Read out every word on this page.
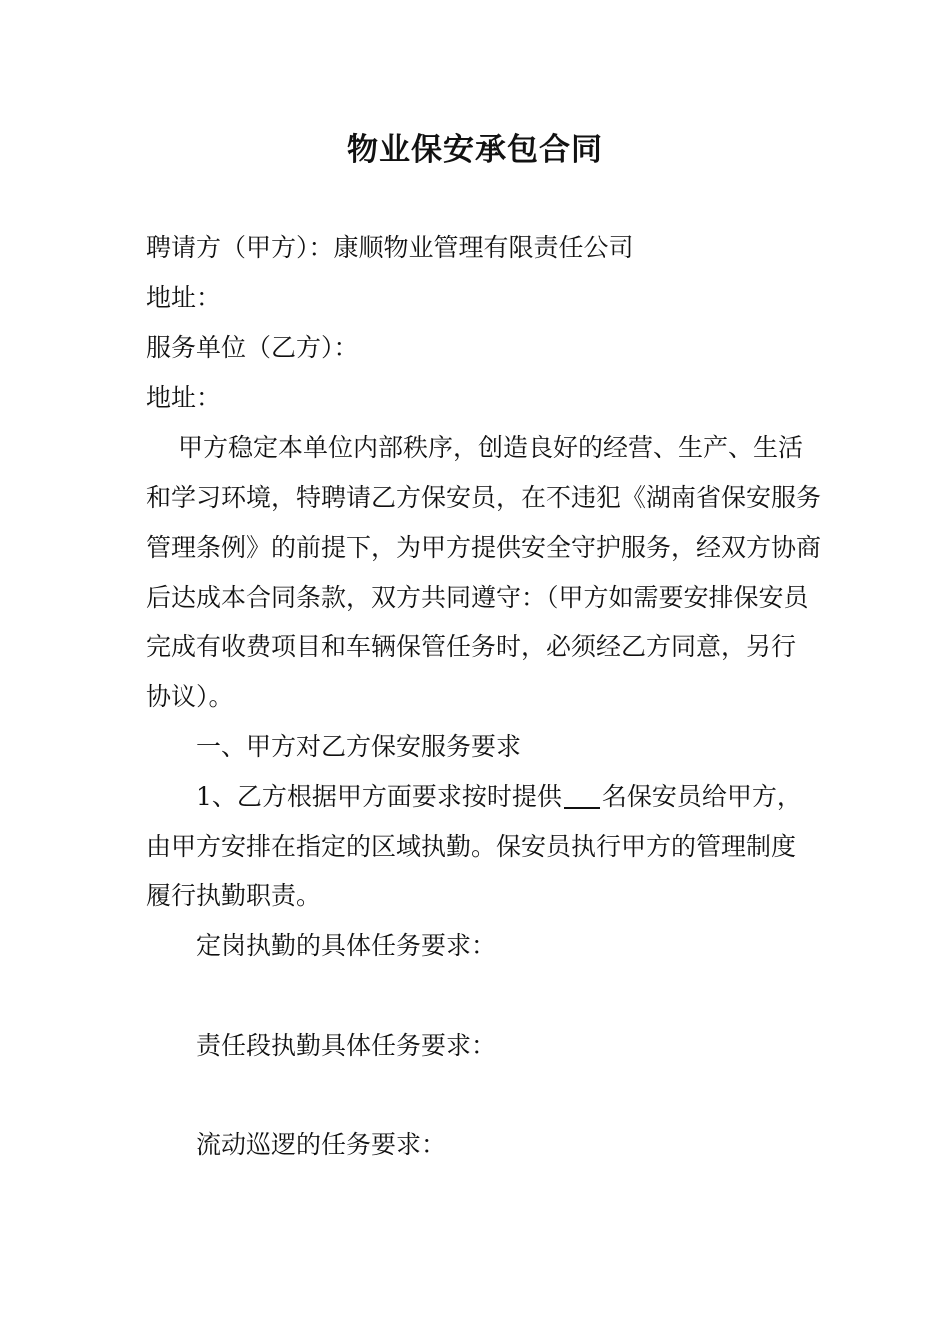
物业保安承包合同
聘请方（甲方）：康顺物业管理有限责任公司
地址：
服务单位（乙方）：
地址：
甲方稳定本单位内部秩序，创造良好的经营、生产、生活
和学习环境，特聘请乙方保安员，在不违犯《湖南省保安服务
管理条例》的前提下，为甲方提供安全守护服务，经双方协商
后达成本合同条款，双方共同遵守：（甲方如需要安排保安员
完成有收费项目和车辆保管任务时，必须经乙方同意，另行
协议）。
一、甲方对乙方保安服务要求
1、乙方根据甲方面要求按时提供 名保安员给甲方，
由甲方安排在指定的区域执勤。保安员执行甲方的管理制度
履行执勤职责。
定岗执勤的具体任务要求：
责任段执勤具体任务要求：
流动巡逻的任务要求：
